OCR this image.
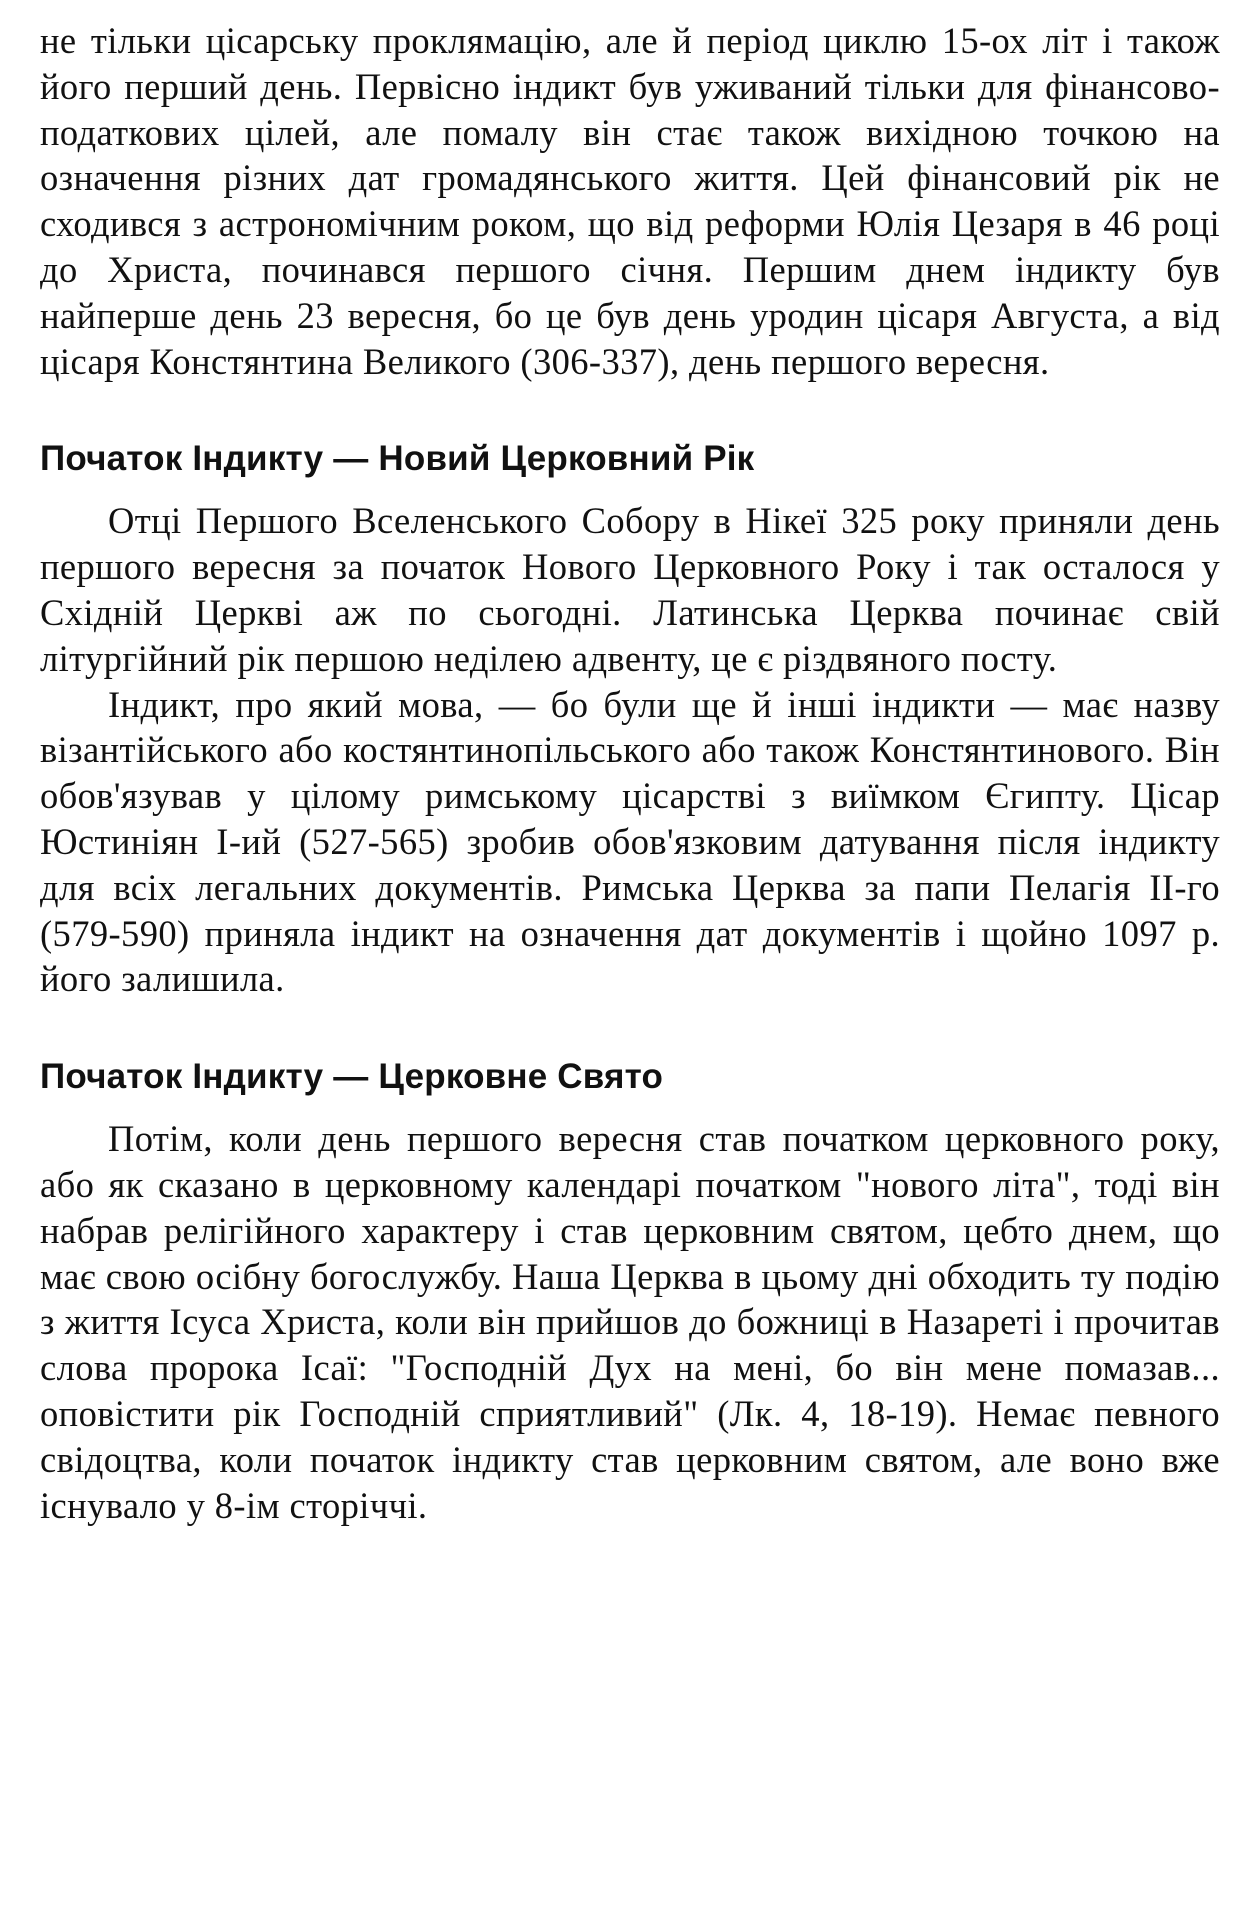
не тільки цісарську проклямацію, але й період циклю 15-ох літ і також його перший день. Первісно індикт був уживаний тільки для фінансово-податкових цілей, але помалу він стає також вихідною точкою на означення різних дат громадянського життя. Цей фінансовий рік не сходився з астрономічним роком, що від реформи Юлія Цезаря в 46 році до Христа, починався першого січня. Першим днем індикту був найперше день 23 вересня, бо це був день уродин цісаря Августа, а від цісаря Констянтина Великого (306-337), день першого вересня.

Початок Індикту — Новий Церковний Рік

Отці Першого Вселенського Собору в Нікеї 325 року приняли день першого вересня за початок Нового Церковного Року і так осталося у Східній Церкві аж по сьогодні. Латинська Церква починає свій літургійний рік першою неділею адвенту, це є різдвяного посту.

Індикт, про який мова, — бо були ще й інші індикти — має назву візантійського або костянтинопільського або також Констянтинового. Він обов'язував у цілому римському цісарстві з виїмком Єгипту. Цісар Юстиніян І-ий (527-565) зробив обов'язковим датування після індикту для всіх легальних документів. Римська Церква за папи Пелагія ІІ-го (579-590) приняла індикт на означення дат документів і щойно 1097 р. його залишила.

Початок Індикту — Церковне Свято

Потім, коли день першого вересня став початком церковного року, або як сказано в церковному календарі початком "нового літа", тоді він набрав релігійного характеру і став церковним святом, цебто днем, що має свою осібну богослужбу. Наша Церква в цьому дні обходить ту подію з життя Ісуса Христа, коли він прийшов до божниці в Назареті і прочитав слова пророка Ісаї: "Господній Дух на мені, бо він мене помазав... оповістити рік Господній сприятливий" (Лк. 4, 18-19). Немає певного свідоцтва, коли початок індикту став церковним святом, але воно вже існувало у 8-ім сторіччі.
